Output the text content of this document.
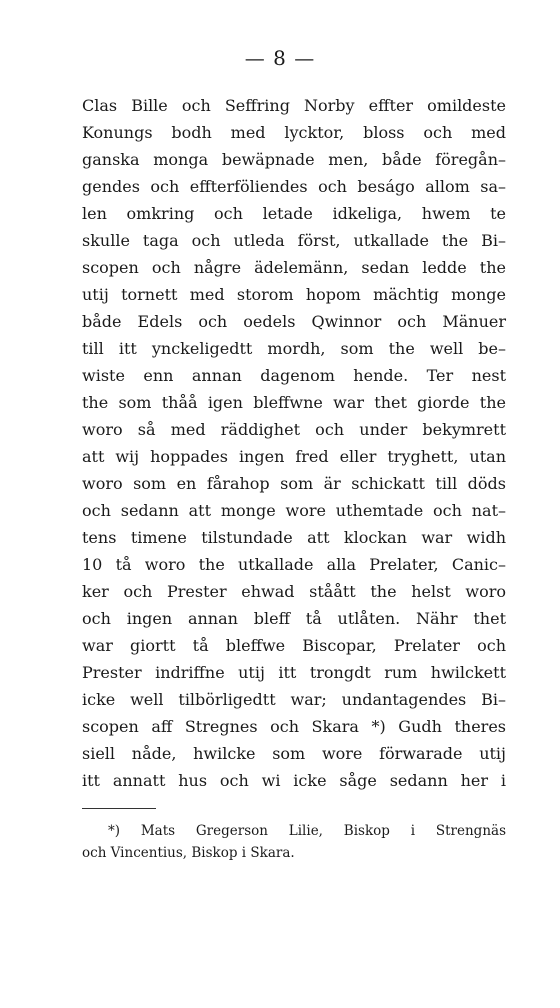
— 8 —
Clas Bille och Seffring Norby effter omildeste
Konungs bodh med lycktor, bloss och med
ganska monga bewäpnade men, både föregån–
gendes och effterföliendes och beságo allom sa–
len omkring och letade idkeliga, hwem te
skulle taga och utleda först, utkallade the Bi–
scopen och någre ädelemänn, sedan ledde the
utij tornett med storom hopom mächtig monge
både Edels och oedels Qwinnor och Mänuer
till itt ynckeligedtt mordh, som the well be–
wiste enn annan dagenom hende. Ter nest
the som thåå igen bleffwne war thet giorde the
woro så med räddighet och under bekymrett
att wij hoppades ingen fred eller tryghett, utan
woro som en fårahop som är schickatt till döds
och sedann att monge wore uthemtade och nat–
tens timene tilstundade att klockan war widh
10 tå woro the utkallade alla Prelater, Canic–
ker och Prester ehwad ståått the helst woro
och ingen annan bleff tå utlåten. Nähr thet
war giortt tå bleffwe Biscopar, Prelater och
Prester indriffne utij itt trongdt rum hwilckett
icke well tilbörligedtt war; undantagendes Bi–
scopen aff Stregnes och Skara *) Gudh theres
siell nåde, hwilcke som wore förwarade utij
itt annatt hus och wi icke såge sedann her i
*) Mats Gregerson Lilie, Biskop i Strengnäs
och Vincentius, Biskop i Skara.
